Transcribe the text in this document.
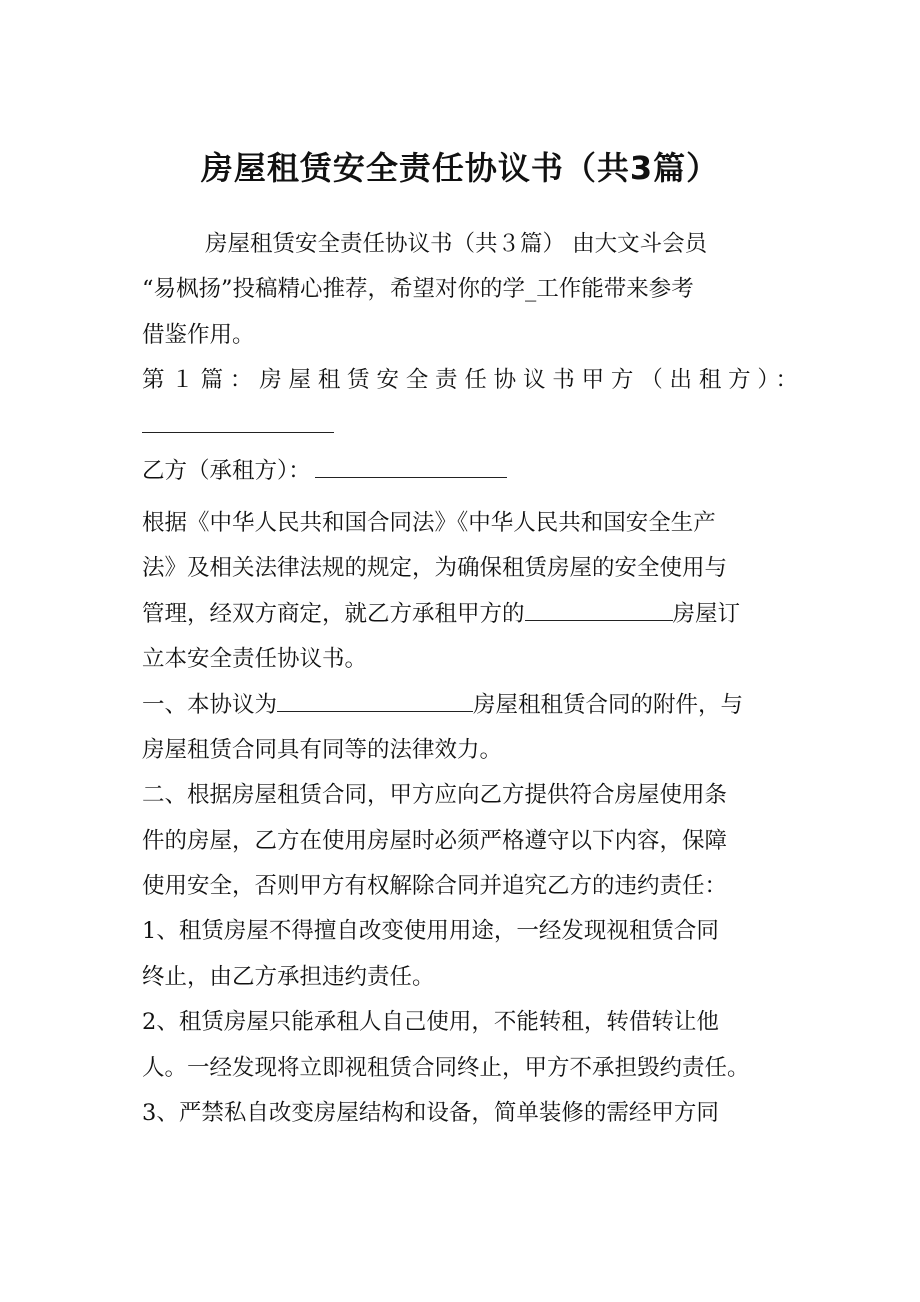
房屋租赁安全责任协议书（共3篇）
房屋租赁安全责任协议书（共３篇） 由大文斗会员
“易枫扬”投稿精心推荐，希望对你的学_工作能带来参考
借鉴作用。
第１篇：房屋租赁安全责任协议书甲方（出租方）：
乙方（承租方）：
根据《中华人民共和国合同法》《中华人民共和国安全生产
法》及相关法律法规的规定，为确保租赁房屋的安全使用与
管理，经双方商定，就乙方承租甲方的	房屋订
立本安全责任协议书。
一、本协议为	房屋租租赁合同的附件，与
房屋租赁合同具有同等的法律效力。
二、根据房屋租赁合同，甲方应向乙方提供符合房屋使用条
件的房屋，乙方在使用房屋时必须严格遵守以下内容，保障
使用安全，否则甲方有权解除合同并追究乙方的违约责任：
1、租赁房屋不得擅自改变使用用途，一经发现视租赁合同
终止，由乙方承担违约责任。
2、租赁房屋只能承租人自己使用，不能转租，转借转让他
人。一经发现将立即视租赁合同终止，甲方不承担毁约责任。
3、严禁私自改变房屋结构和设备，简单装修的需经甲方同
